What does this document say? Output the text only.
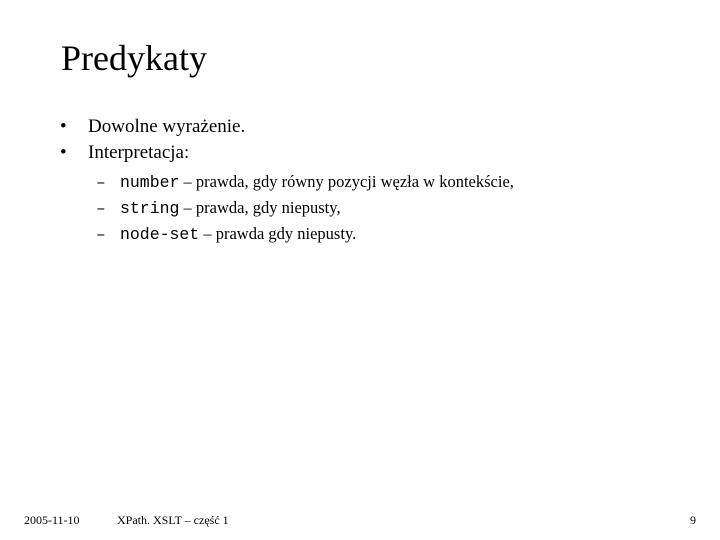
Predykaty
• Dowolne wyrażenie.
• Interpretacja:
– number – prawda, gdy równy pozycji węzła w kontekście,
– string – prawda, gdy niepusty,
– node-set – prawda gdy niepusty.
2005-11-10	XPath. XSLT – część 1	9
